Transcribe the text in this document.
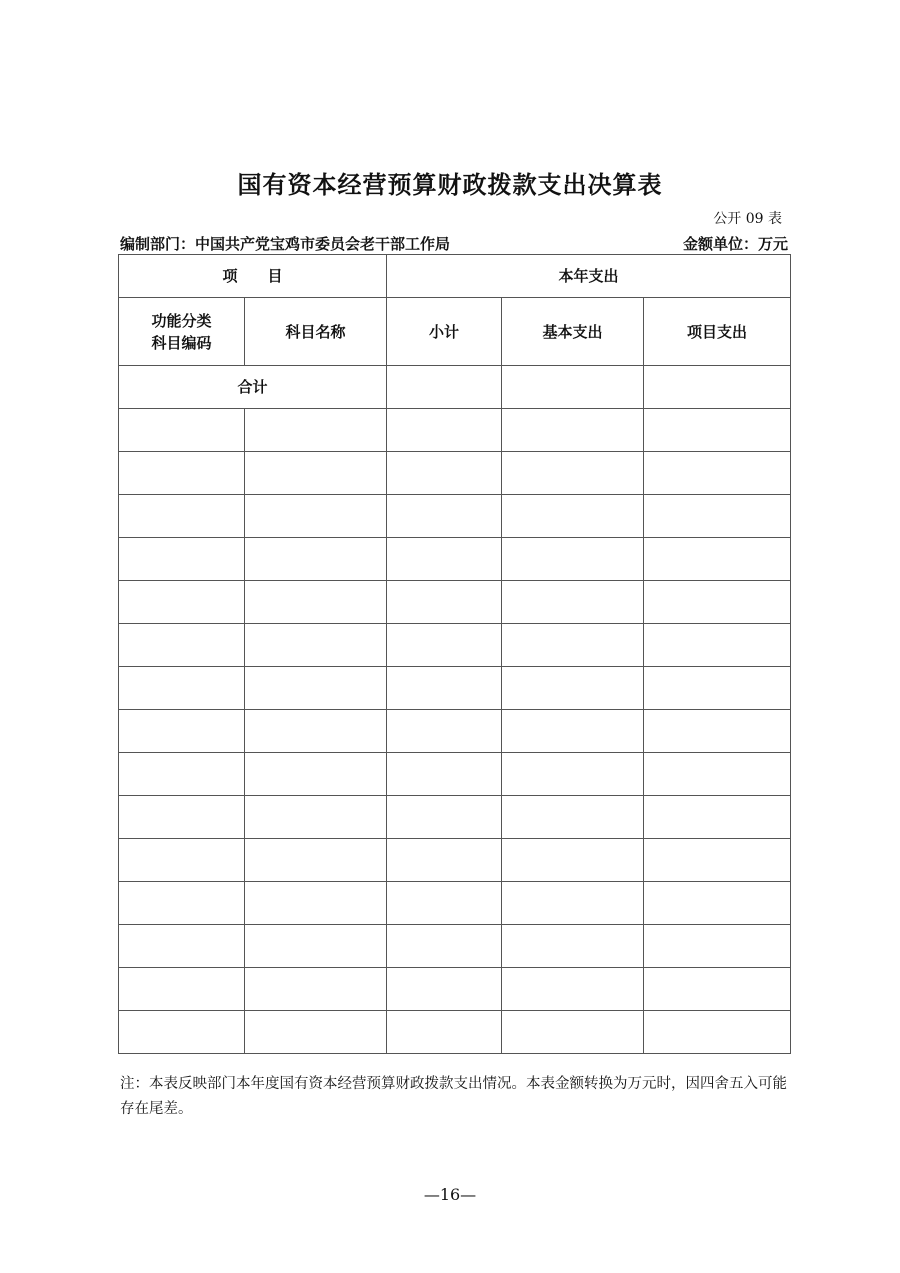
国有资本经营预算财政拨款支出决算表
公开 09 表
编制部门：中国共产党宝鸡市委员会老干部工作局	金额单位：万元
项　　目		本年支出		

功能分类
科目编码	科目名称	小计	基本支出	项目支出
合计				

注：本表反映部门本年度国有资本经营预算财政拨款支出情况。本表金额转换为万元时，因四舍五入可能存在尾差。
—16—
